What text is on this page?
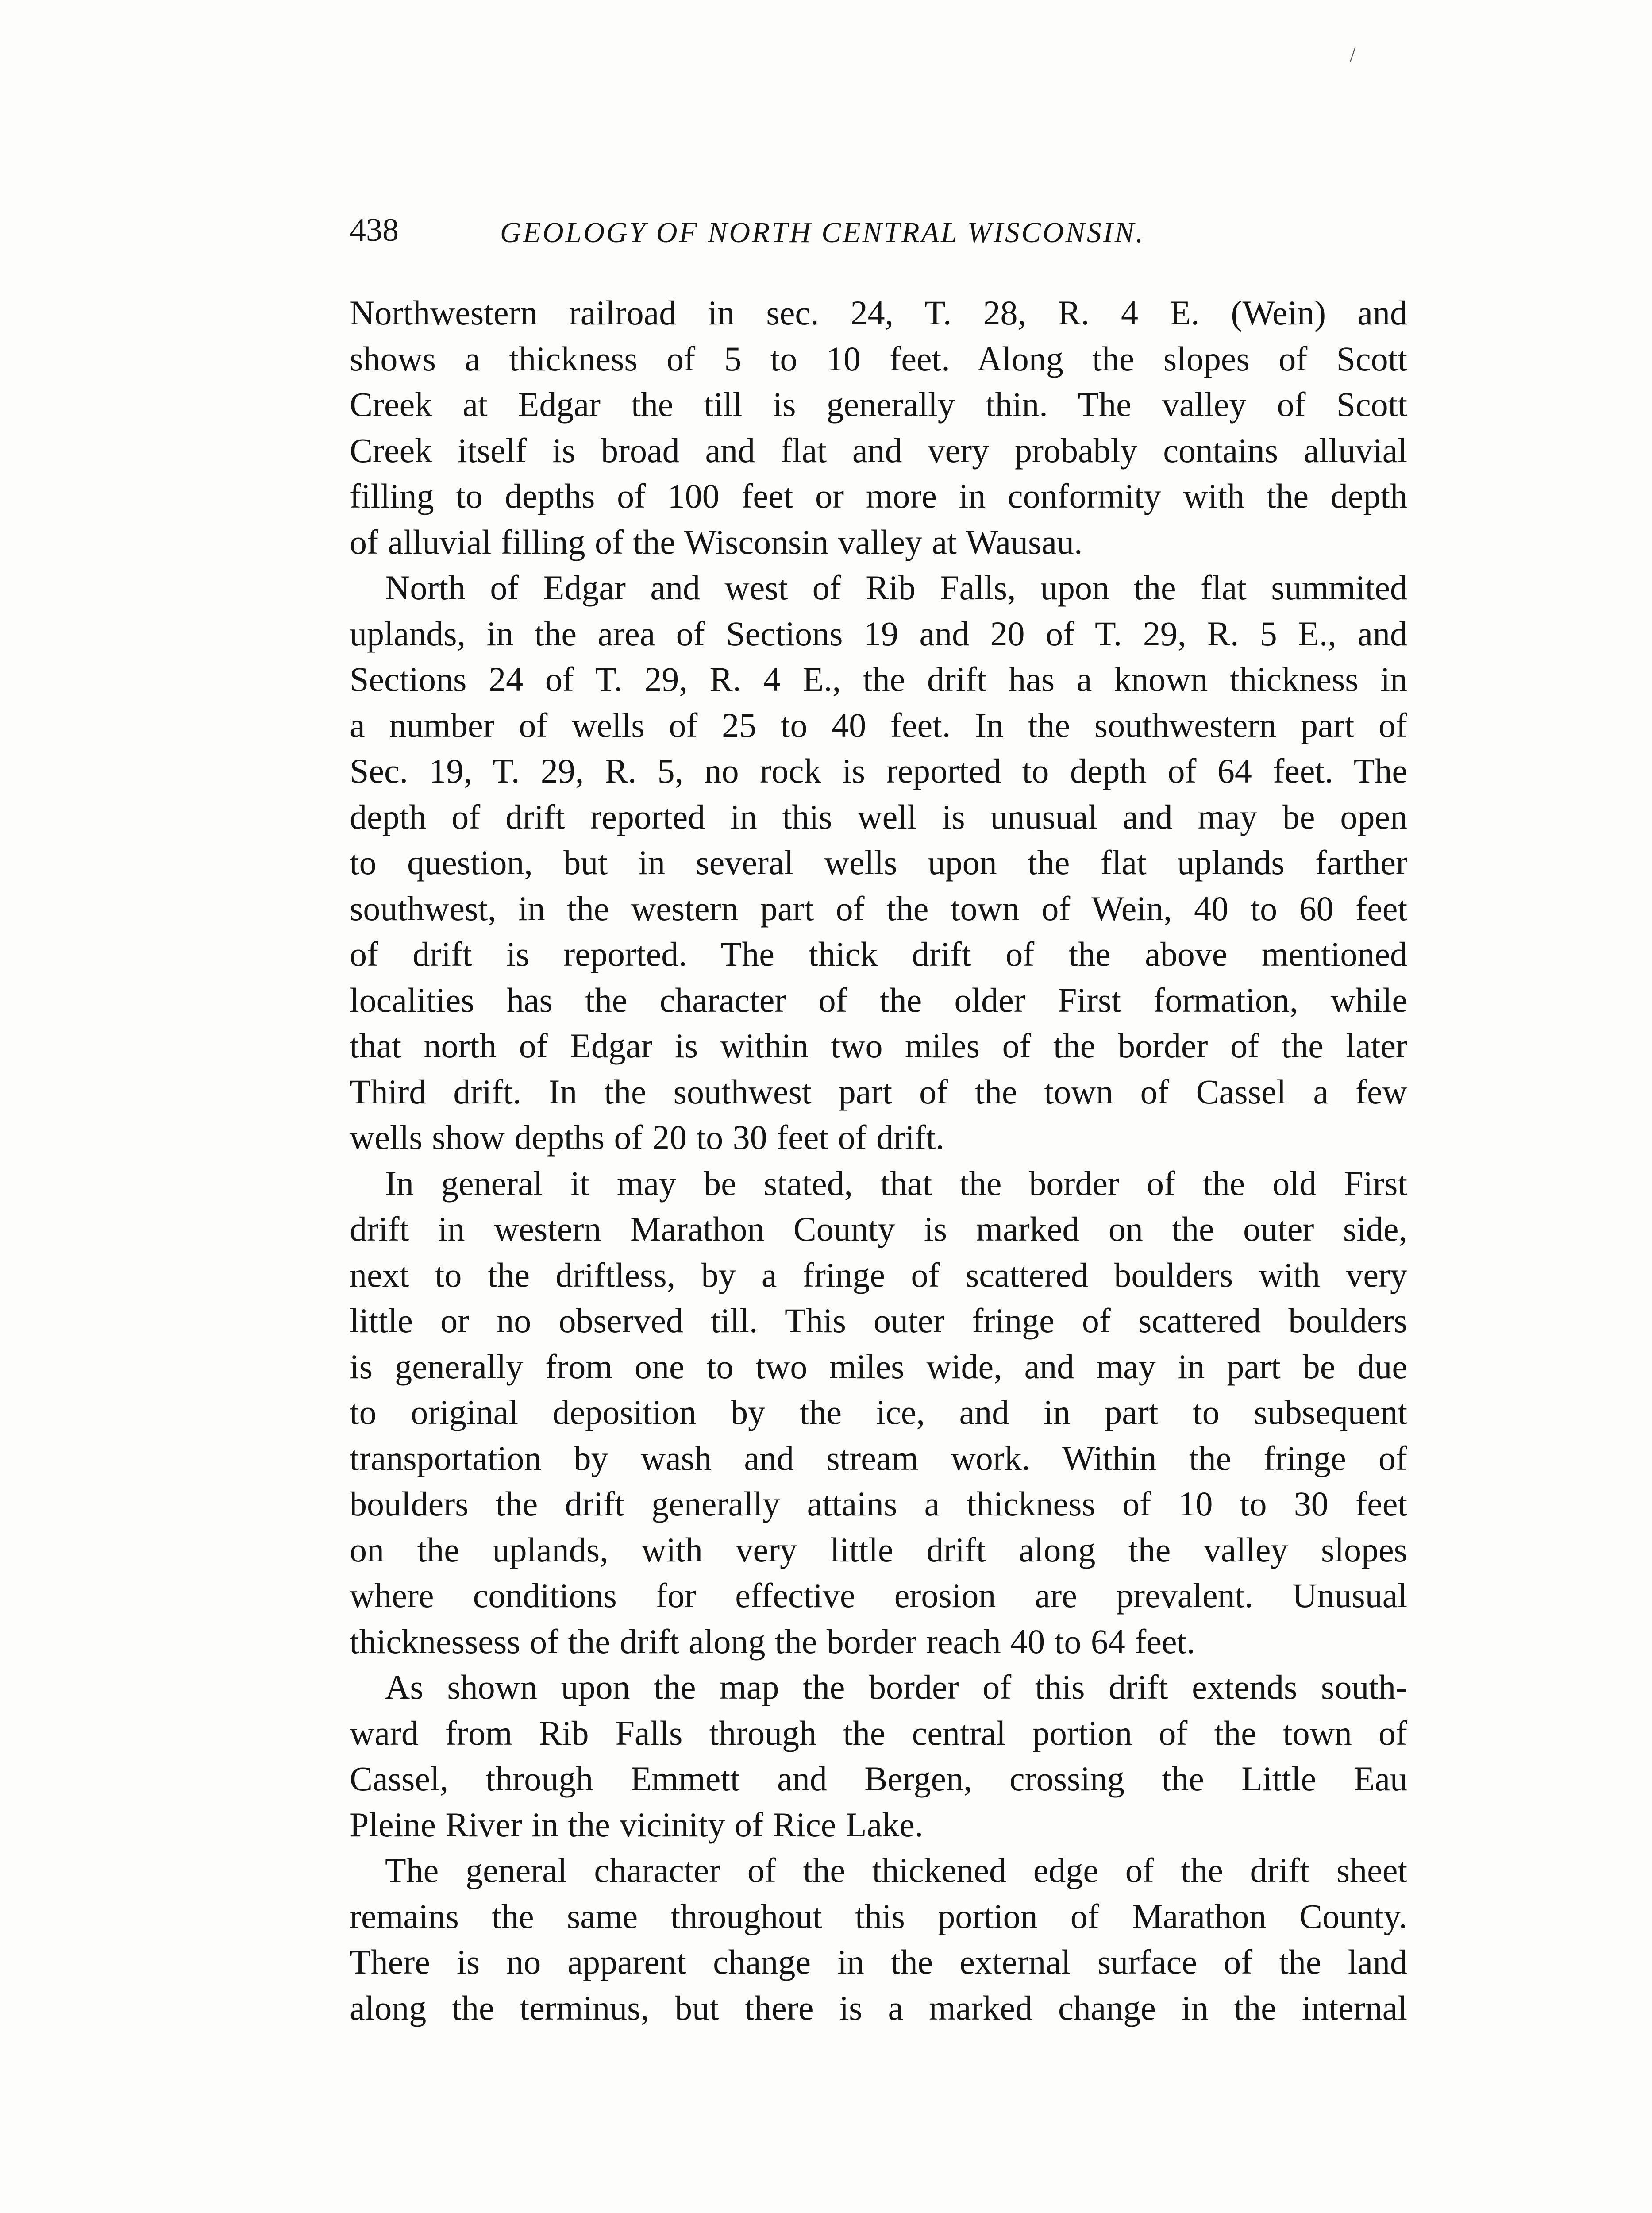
438	GEOLOGY OF NORTH CENTRAL WISCONSIN.
Northwestern railroad in sec. 24, T. 28, R. 4 E. (Wein) and
shows a thickness of 5 to 10 feet. Along the slopes of Scott
Creek at Edgar the till is generally thin. The valley of Scott
Creek itself is broad and flat and very probably contains alluvial
filling to depths of 100 feet or more in conformity with the depth
of alluvial filling of the Wisconsin valley at Wausau.
North of Edgar and west of Rib Falls, upon the flat summited
uplands, in the area of Sections 19 and 20 of T. 29, R. 5 E., and
Sections 24 of T. 29, R. 4 E., the drift has a known thickness in
a number of wells of 25 to 40 feet. In the southwestern part of
Sec. 19, T. 29, R. 5, no rock is reported to depth of 64 feet. The
depth of drift reported in this well is unusual and may be open
to question, but in several wells upon the flat uplands farther
southwest, in the western part of the town of Wein, 40 to 60 feet
of drift is reported. The thick drift of the above mentioned
localities has the character of the older First formation, while
that north of Edgar is within two miles of the border of the later
Third drift. In the southwest part of the town of Cassel a few
wells show depths of 20 to 30 feet of drift.
In general it may be stated, that the border of the old First
drift in western Marathon County is marked on the outer side,
next to the driftless, by a fringe of scattered boulders with very
little or no observed till. This outer fringe of scattered boulders
is generally from one to two miles wide, and may in part be due
to original deposition by the ice, and in part to subsequent
transportation by wash and stream work. Within the fringe of
boulders the drift generally attains a thickness of 10 to 30 feet
on the uplands, with very little drift along the valley slopes
where conditions for effective erosion are prevalent. Unusual
thicknessess of the drift along the border reach 40 to 64 feet.
As shown upon the map the border of this drift extends south-
ward from Rib Falls through the central portion of the town of
Cassel, through Emmett and Bergen, crossing the Little Eau
Pleine River in the vicinity of Rice Lake.
The general character of the thickened edge of the drift sheet
remains the same throughout this portion of Marathon County.
There is no apparent change in the external surface of the land
along the terminus, but there is a marked change in the internal
/
